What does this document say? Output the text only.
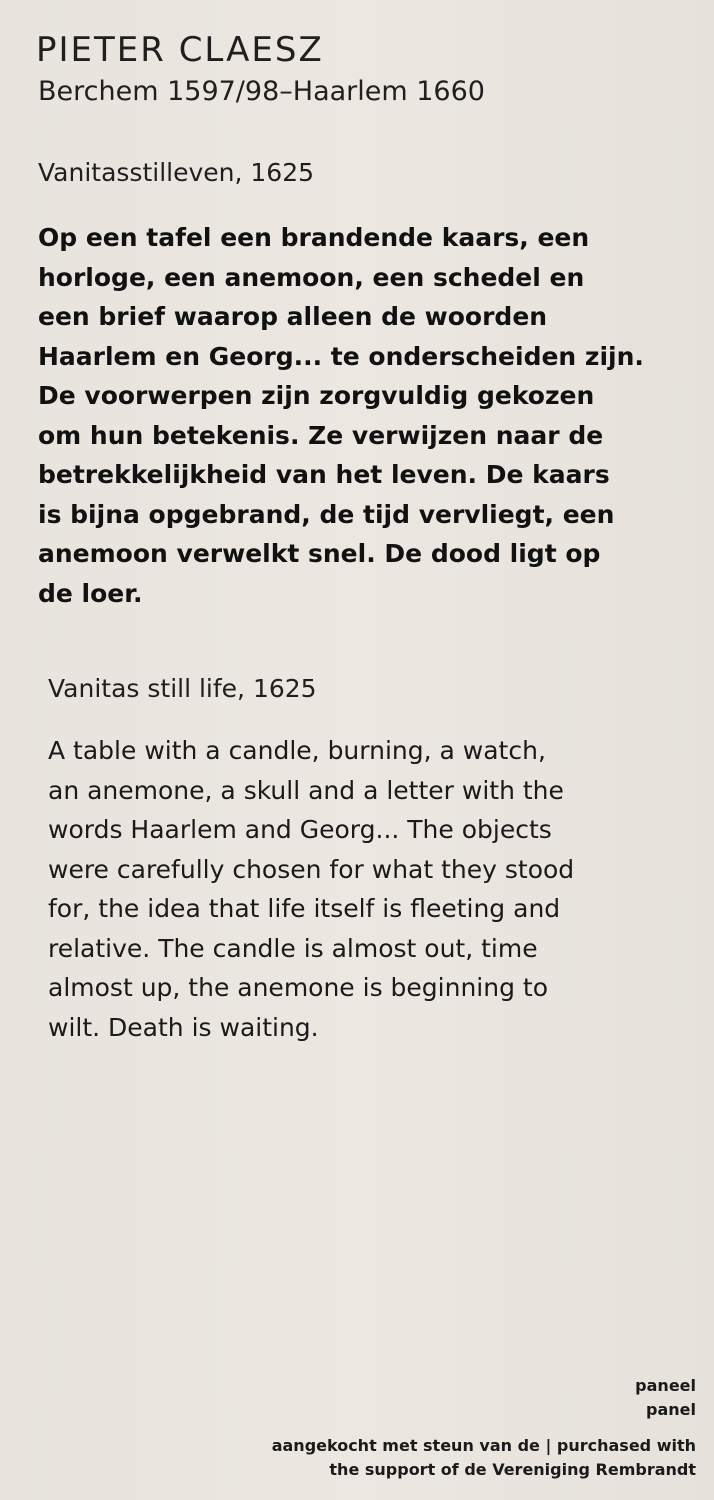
PIETER CLAESZ
Berchem 1597/98–Haarlem 1660
Vanitasstilleven, 1625
Op een tafel een brandende kaars, een
horloge, een anemoon, een schedel en
een brief waarop alleen de woorden
Haarlem en Georg... te onderscheiden zijn.
De voorwerpen zijn zorgvuldig gekozen
om hun betekenis. Ze verwijzen naar de
betrekkelijkheid van het leven. De kaars
is bijna opgebrand, de tijd vervliegt, een
anemoon verwelkt snel. De dood ligt op
de loer.
Vanitas still life, 1625
A table with a candle, burning, a watch,
an anemone, a skull and a letter with the
words Haarlem and Georg... The objects
were carefully chosen for what they stood
for, the idea that life itself is fleeting and
relative. The candle is almost out, time
almost up, the anemone is beginning to
wilt. Death is waiting.
paneel
panel
aangekocht met steun van de | purchased with
the support of de Vereniging Rembrandt
